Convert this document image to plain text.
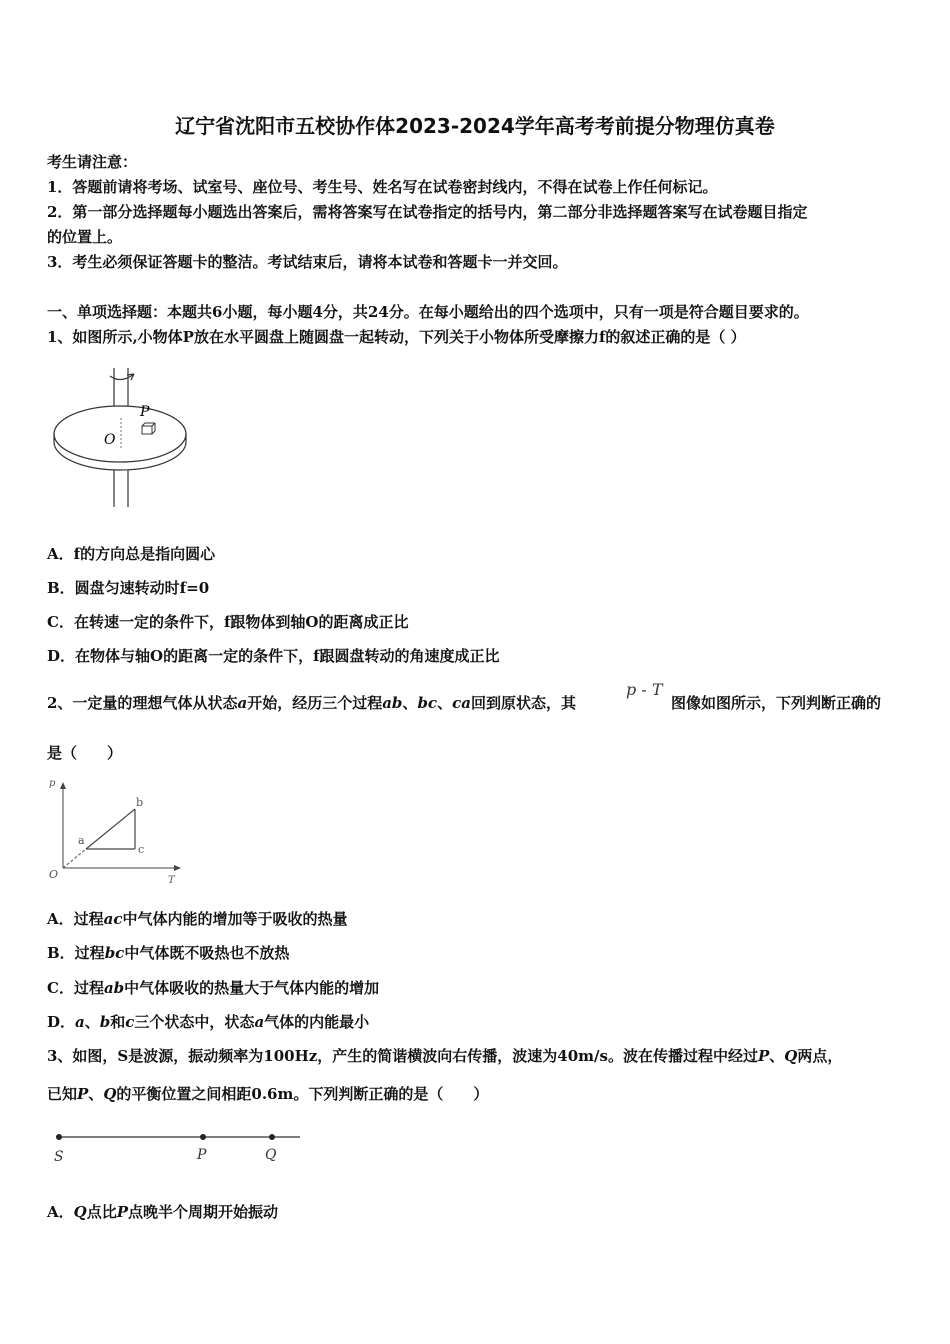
辽宁省沈阳市五校协作体2023-2024学年高考考前提分物理仿真卷
考生请注意：
1．答题前请将考场、试室号、座位号、考生号、姓名写在试卷密封线内，不得在试卷上作任何标记。
2．第一部分选择题每小题选出答案后，需将答案写在试卷指定的括号内，第二部分非选择题答案写在试卷题目指定
的位置上。
3．考生必须保证答题卡的整洁。考试结束后，请将本试卷和答题卡一并交回。
一、单项选择题：本题共6小题，每小题4分，共24分。在每小题给出的四个选项中，只有一项是符合题目要求的。
1、如图所示,小物体P放在水平圆盘上随圆盘一起转动，下列关于小物体所受摩擦力f的叙述正确的是（ ）
P
O
A．f的方向总是指向圆心
B．圆盘匀速转动时f=0
C．在转速一定的条件下，f跟物体到轴O的距离成正比
D．在物体与轴O的距离一定的条件下，f跟圆盘转动的角速度成正比
2、一定量的理想气体从状态a开始，经历三个过程ab、bc、ca回到原状态，其
p - T
图像如图所示，下列判断正确的
是（　　）
p
O	T
a
b
c
A．过程ac中气体内能的增加等于吸收的热量
B．过程bc中气体既不吸热也不放热
C．过程ab中气体吸收的热量大于气体内能的增加
D．a、b和c三个状态中，状态a气体的内能最小
3、如图，S是波源，振动频率为100Hz，产生的简谐横波向右传播，波速为40m/s。波在传播过程中经过P、Q两点，
已知P、Q的平衡位置之间相距0.6m。下列判断正确的是（　　）
S	P	Q
A．Q点比P点晚半个周期开始振动
